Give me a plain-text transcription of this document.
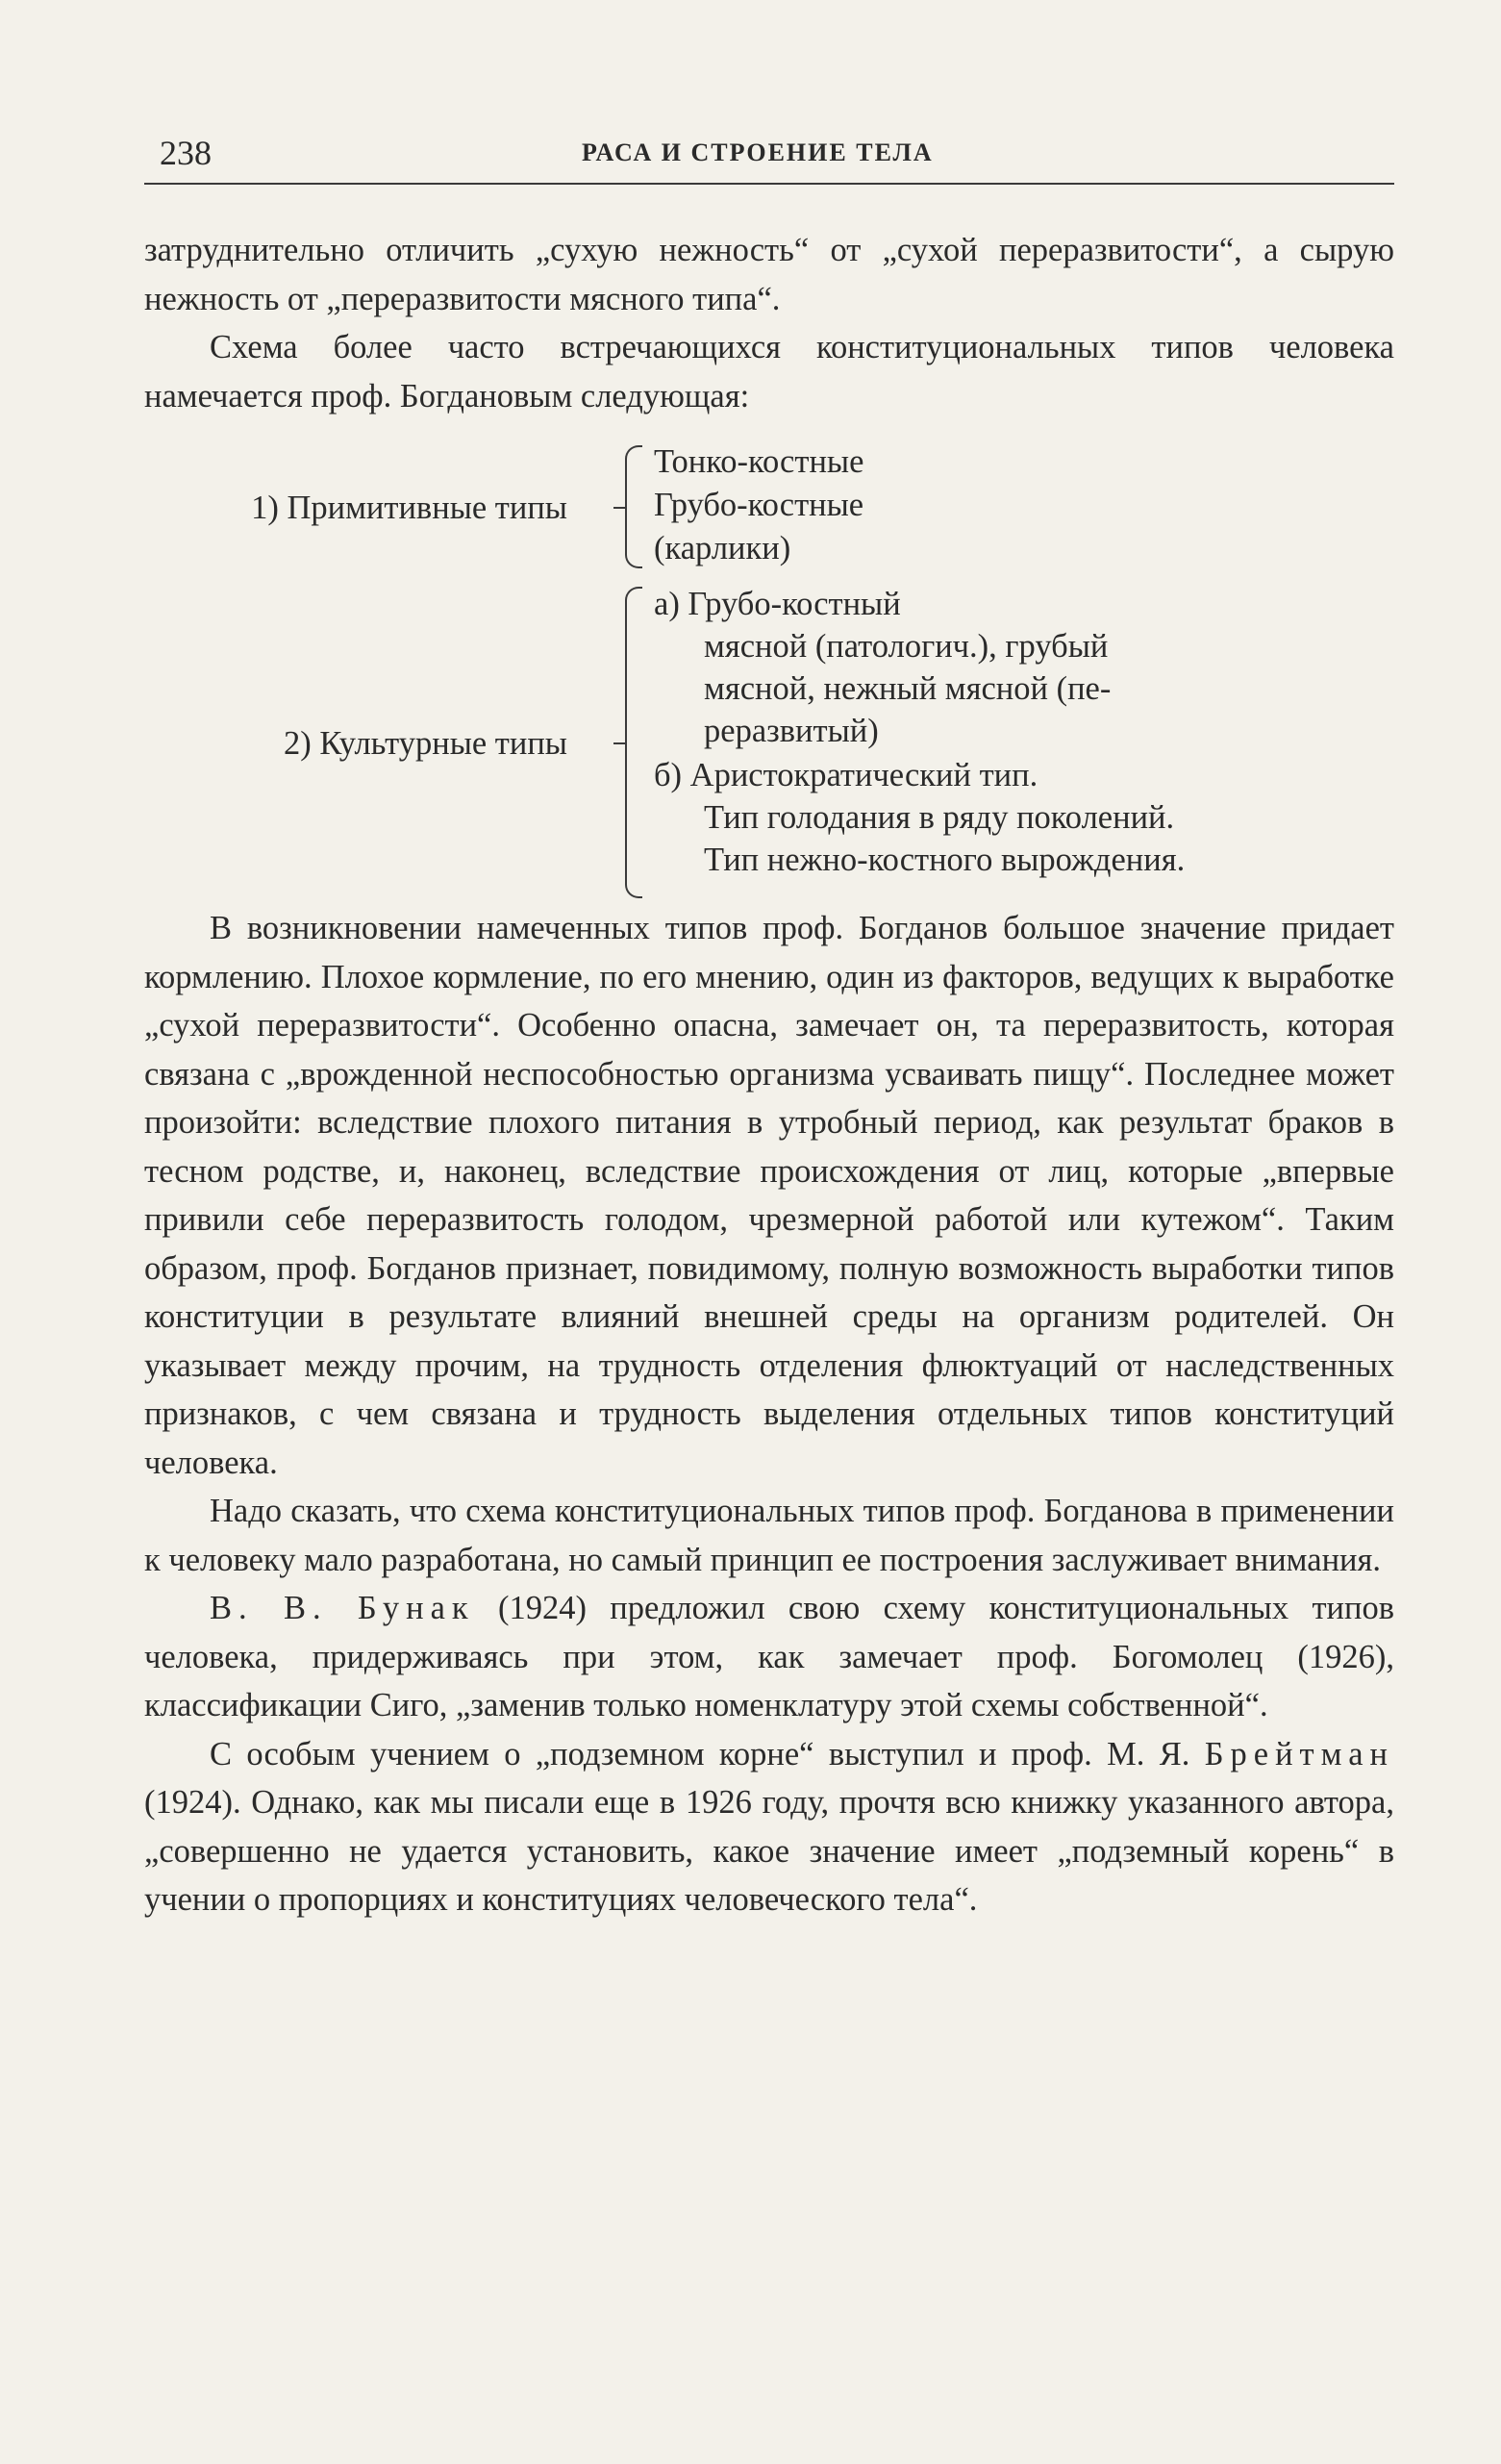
238	РАСА И СТРОЕНИЕ ТЕЛА

затруднительно отличить „сухую нежность“ от „сухой переразвитости“, а сырую нежность от „переразвитости мясного типа“.

Схема более часто встречающихся конституциональных типов человека намечается проф. Богдановым следующая:

1) Примитивные типы
Тонко-костные
Грубо-костные
(карлики)
2) Культурные типы
а) Грубо-костный
мясной (патологич.), грубый
мясной, нежный мясной (пе-
реразвитый)
б) Аристократический тип.
Тип голодания в ряду поколений.
Тип нежно-костного вырождения.

В возникновении намеченных типов проф. Богданов большое значение придает кормлению. Плохое кормление, по его мнению, один из факторов, ведущих к выработке „сухой переразвитости“. Особенно опасна, замечает он, та переразвитость, которая связана с „врожденной неспособностью организма усваивать пищу“. Последнее может произойти: вследствие плохого питания в утробный период, как результат браков в тесном родстве, и, наконец, вследствие происхождения от лиц, которые „впервые привили себе переразвитость голодом, чрезмерной работой или кутежом“. Таким образом, проф. Богданов признает, повидимому, полную возможность выработки типов конституции в результате влияний внешней среды на организм родителей. Он указывает между прочим, на трудность отделения флюктуаций от наследственных признаков, с чем связана и трудность выделения отдельных типов конституций человека.

Надо сказать, что схема конституциональных типов проф. Богданова в применении к человеку мало разработана, но самый принцип ее построения заслуживает внимания.

В. В. Бунак (1924) предложил свою схему конституциональных типов человека, придерживаясь при этом, как замечает проф. Богомолец (1926), классификации Сиго, „заменив только номенклатуру этой схемы собственной“.

С особым учением о „подземном корне“ выступил и проф. М. Я. Брейтман (1924). Однако, как мы писали еще в 1926 году, прочтя всю книжку указанного автора, „совершенно не удается установить, какое значение имеет „подземный корень“ в учении о пропорциях и конституциях человеческого тела“.
